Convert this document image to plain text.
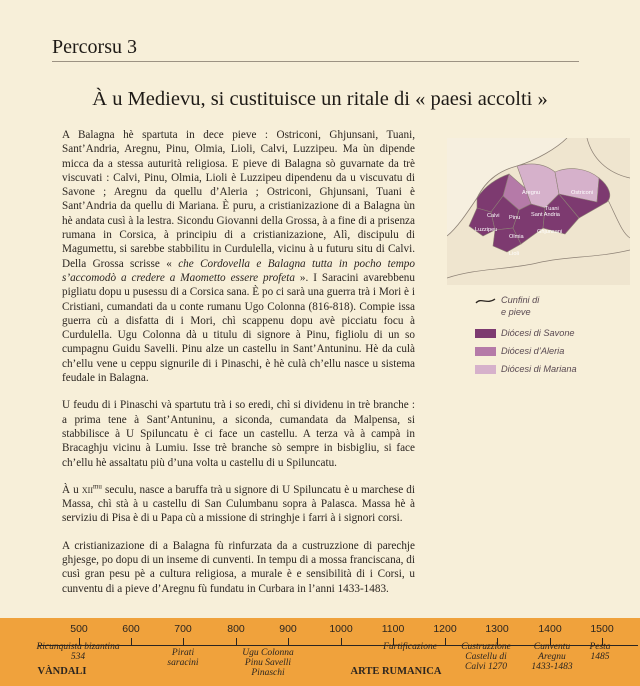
Percorsu 3
À u Medievu, si custituisce un ritale di « paesi accolti »

A Balagna hè spartuta in dece pieve : Ostriconi, Ghjunsani, Tuani, Sant’Andria, Aregnu, Pinu, Olmia, Lioli, Calvi, Luzzipeu. Ma ùn dipende micca da a stessa auturità religiosa. E pieve di Balagna sò guvarnate da trè viscuvati : Calvi, Pinu, Olmia, Lioli è Luzzipeu dipendenu da u viscuvatu di Savone ; Aregnu da quellu d’Aleria ; Ostriconi, Ghjunsani, Tuani è Sant’Andria da quellu di Mariana. È puru, a cristianizazione di a Balagna ùn hè andata cusì à la lestra. Sicondu Giovanni della Grossa, à a fine di a prisenza rumana in Corsica, à principiu di a cristianizazione, Alì, discipulu di Magumettu, si sarebbe stabbilitu in Curdulella, vicinu à u futuru situ di Calvi. Della Grossa scrisse « che Cordovella e Balagna tutta in pocho tempo s’accomodò a credere a Maometto essere profeta ». I Saracini avarebbenu pigliatu dopu u pusessu di a Corsica sana. È po ci sarà una guerra trà i Mori è i Cristiani, cumandati da u conte rumanu Ugo Colonna (816-818). Compie issa guerra cù a disfatta di i Mori, chì scappenu dopu avè picciatu focu à Curdulella. Ugu Colonna dà u titulu di signore à Pinu, figliolu di un so cumpagnu Guidu Savelli. Pinu alze un castellu in Sant’Antuninu. Hè da culà ch’ellu vene u ceppu signurile di i Pinaschi, è hè culà ch’ellu nasce u sistema feudale in Balagna.

U feudu di i Pinaschi và spartutu trà i so eredi, chì si dividenu in trè branche : a prima tene à Sant’Antuninu, a siconda, cumandata da Malpensa, si stabbilisce à U Spiluncatu è ci face un castellu. A terza và à campà in Bracaghju vicinu à Lumiu. Isse trè branche sò sempre in bisbigliu, si face ch’ellu hè assaltatu più d’una volta u castellu di u Spiluncatu.

À u xii$^{mu}$ seculu, nasce a baruffa trà u signore di U Spiluncatu è u marchese di Massa, chì stà à u castellu di San Culumbanu sopra à Palasca. Massa hè à serviziu di Pisa è di u Papa cù a missione di stringhje i farri à i signori corsi.

A cristianizazione di a Balagna fù rinfurzata da a custruzzione di parechje ghjesge, po dopu di un inseme di cunventi. In tempu di a mossa franciscana, di cusì gran pesu pè a cultura religiosa, a murale è e sensibilità di i Corsi, u cunventu di a pieve d’Aregnu fù fundatu in Curbara in l’anni 1433-1483.

Ostriconi
Aregnu
Tuani
Sant Andria
Calvi Pinu
Luzzipeu
Olmia
Ghjunsani
Lioli
Cunfini di
e pieve
Diócesi di Savone
Diócesi d’Aleria
Diócesi di Mariana
500	600	700	800	900	1000	1100	1200	1300	1400	1500
Ricunquista bizantina
534
VÀNDALI
Pirati
saracini
Ugu Colonna
Pinu Savelli
Pinaschi	ARTE RUMANICA
Furtificazione	Custruzzione
Castellu di
Calvi 1270
Cunventu
Aregnu
1433-1483
Pesta
1485
